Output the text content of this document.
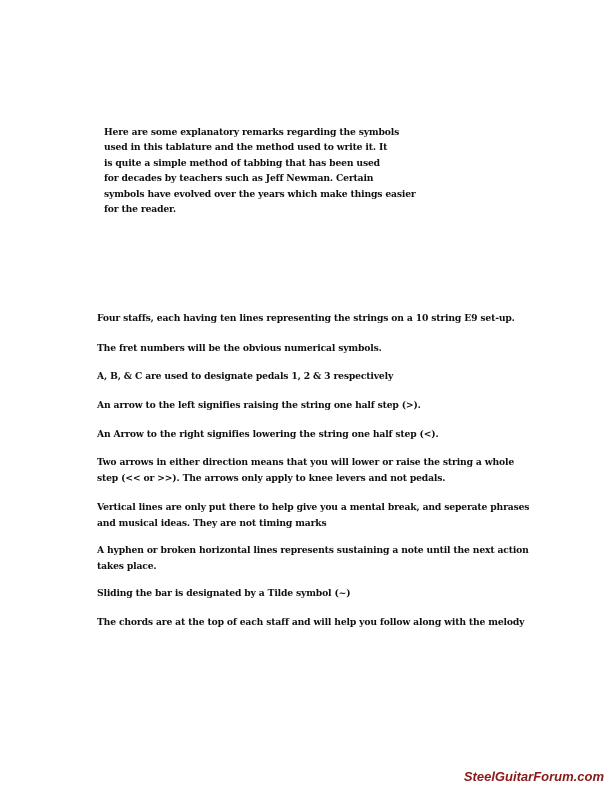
Here are some explanatory remarks regarding the symbols
used in this tablature and the method used to write it. It
is quite a simple method of tabbing that has been used
for decades by teachers such as Jeff Newman. Certain
symbols have evolved over the years which make things easier
for the reader.
Four staffs, each having ten lines representing the strings on a 10 string E9 set-up.
The fret numbers will be the obvious numerical symbols.
A, B, & C are used to designate pedals 1, 2 & 3 respectively
An arrow to the left signifies raising the string one half step (>).
An Arrow to the right signifies lowering the string one half step (<).
Two arrows in either direction means that you will lower or raise the string a whole
step (<< or >>). The arrows only apply to knee levers and not pedals.
Vertical lines are only put there to help give you a mental break, and seperate phrases
and musical ideas. They are not timing marks
A hyphen or broken horizontal lines represents sustaining a note until the next action
takes place.
Sliding the bar is designated by a Tilde symbol (~)
The chords are at the top of each staff and will help you follow along with the melody
SteelGuitarForum.com
